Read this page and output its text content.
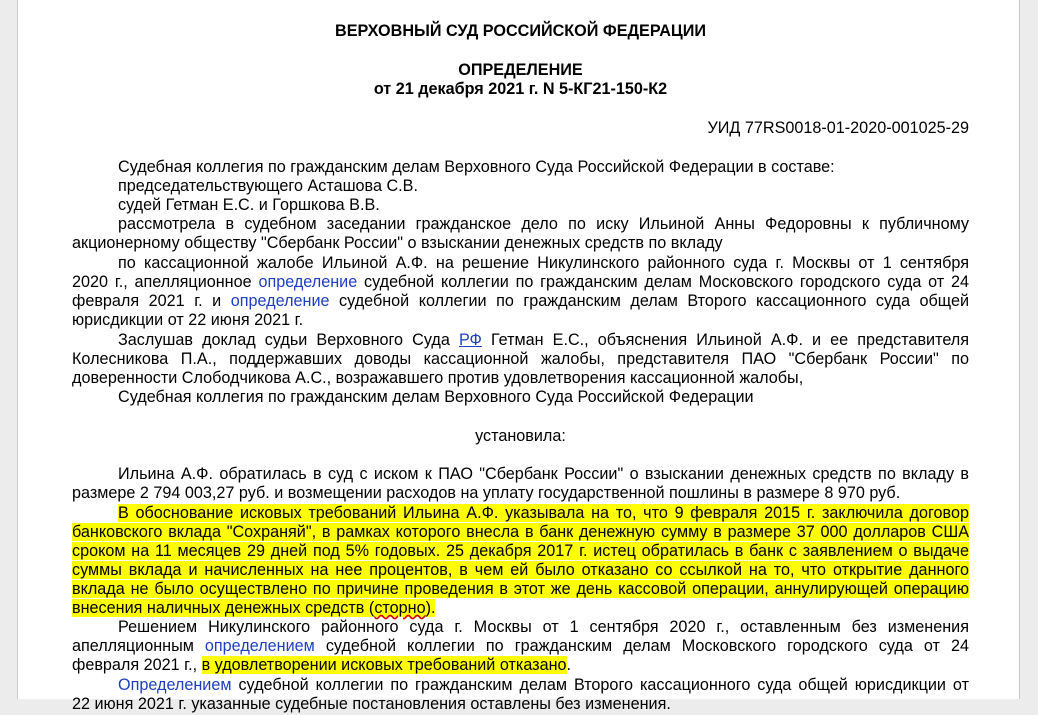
ВЕРХОВНЫЙ СУД РОССИЙСКОЙ ФЕДЕРАЦИИ
ОПРЕДЕЛЕНИЕ
от 21 декабря 2021 г. N 5-КГ21-150-К2
УИД 77RS0018-01-2020-001025-29
Судебная коллегия по гражданским делам Верховного Суда Российской Федерации в составе:
председательствующего Асташова С.В.
судей Гетман Е.С. и Горшкова В.В.
рассмотрела в судебном заседании гражданское дело по иску Ильиной Анны Федоровны к публичному
акционерному обществу "Сбербанк России" о взыскании денежных средств по вкладу
по кассационной жалобе Ильиной А.Ф. на решение Никулинского районного суда г. Москвы от 1 сентября
2020 г., апелляционное определение судебной коллегии по гражданским делам Московского городского суда от 24
февраля 2021 г. и определение судебной коллегии по гражданским делам Второго кассационного суда общей
юрисдикции от 22 июня 2021 г.
Заслушав доклад судьи Верховного Суда РФ Гетман Е.С., объяснения Ильиной А.Ф. и ее представителя
Колесникова П.А., поддержавших доводы кассационной жалобы, представителя ПАО "Сбербанк России" по
доверенности Слободчикова А.С., возражавшего против удовлетворения кассационной жалобы,
Судебная коллегия по гражданским делам Верховного Суда Российской Федерации
установила:
Ильина А.Ф. обратилась в суд с иском к ПАО "Сбербанк России" о взыскании денежных средств по вкладу в
размере 2 794 003,27 руб. и возмещении расходов на уплату государственной пошлины в размере 8 970 руб.
В обоснование исковых требований Ильина А.Ф. указывала на то, что 9 февраля 2015 г. заключила договор
банковского вклада "Сохраняй", в рамках которого внесла в банк денежную сумму в размере 37 000 долларов США
сроком на 11 месяцев 29 дней под 5% годовых. 25 декабря 2017 г. истец обратилась в банк с заявлением о выдаче
суммы вклада и начисленных на нее процентов, в чем ей было отказано со ссылкой на то, что открытие данного
вклада не было осуществлено по причине проведения в этот же день кассовой операции, аннулирующей операцию
внесения наличных денежных средств (сторно).
Решением Никулинского районного суда г. Москвы от 1 сентября 2020 г., оставленным без изменения
апелляционным определением судебной коллегии по гражданским делам Московского городского суда от 24
февраля 2021 г., в удовлетворении исковых требований отказано.
Определением судебной коллегии по гражданским делам Второго кассационного суда общей юрисдикции от
22 июня 2021 г. указанные судебные постановления оставлены без изменения.
